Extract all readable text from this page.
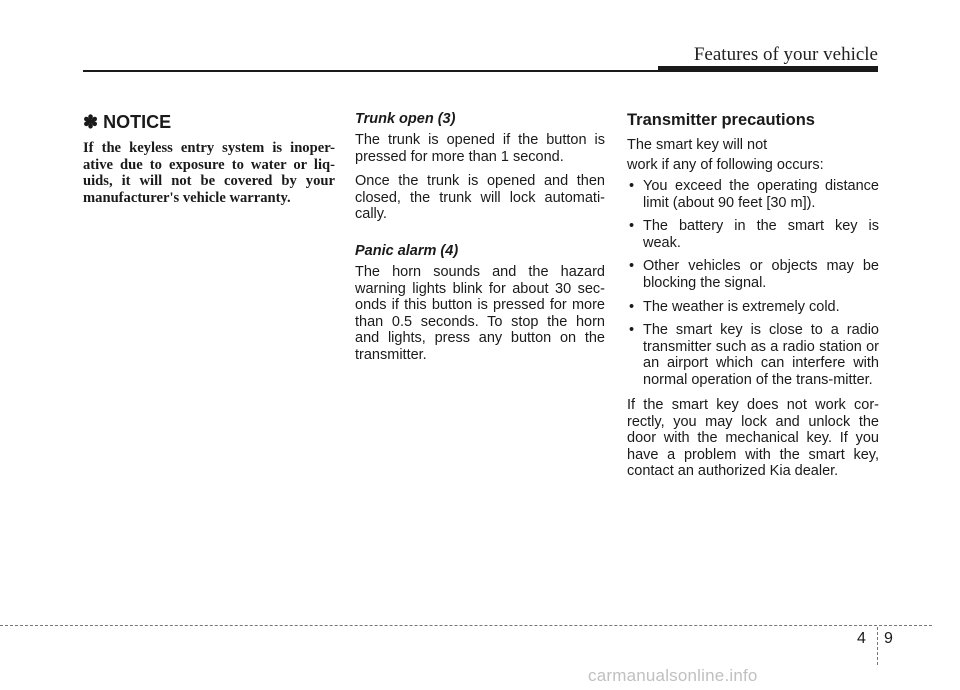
Features of your vehicle
✽ NOTICE
If the keyless entry system is inoper-ative due to exposure to water or liq-uids, it will not be covered by your manufacturer's vehicle warranty.
Trunk open (3)

The trunk is opened if the button is pressed for more than 1 second.

Once the trunk is opened and then closed, the trunk will lock automati-cally.

Panic alarm (4)

The horn sounds and the hazard warning lights blink for about 30 sec-onds if this button is pressed for more than 0.5 seconds. To stop the horn and lights, press any button on the transmitter.

Transmitter precautions

The smart key will not

work if any of following occurs:

• You exceed the operating distance limit (about 90 feet [30 m]).
• The battery in the smart key is weak.
• Other vehicles or objects may be blocking the signal.
• The weather is extremely cold.
• The smart key is close to a radio transmitter such as a radio station or an airport which can interfere with normal operation of the trans-mitter.

If the smart key does not work cor-rectly, you may lock and unlock the door with the mechanical key. If you have a problem with the smart key, contact an authorized Kia dealer.

4 9
carmanualsonline.info
